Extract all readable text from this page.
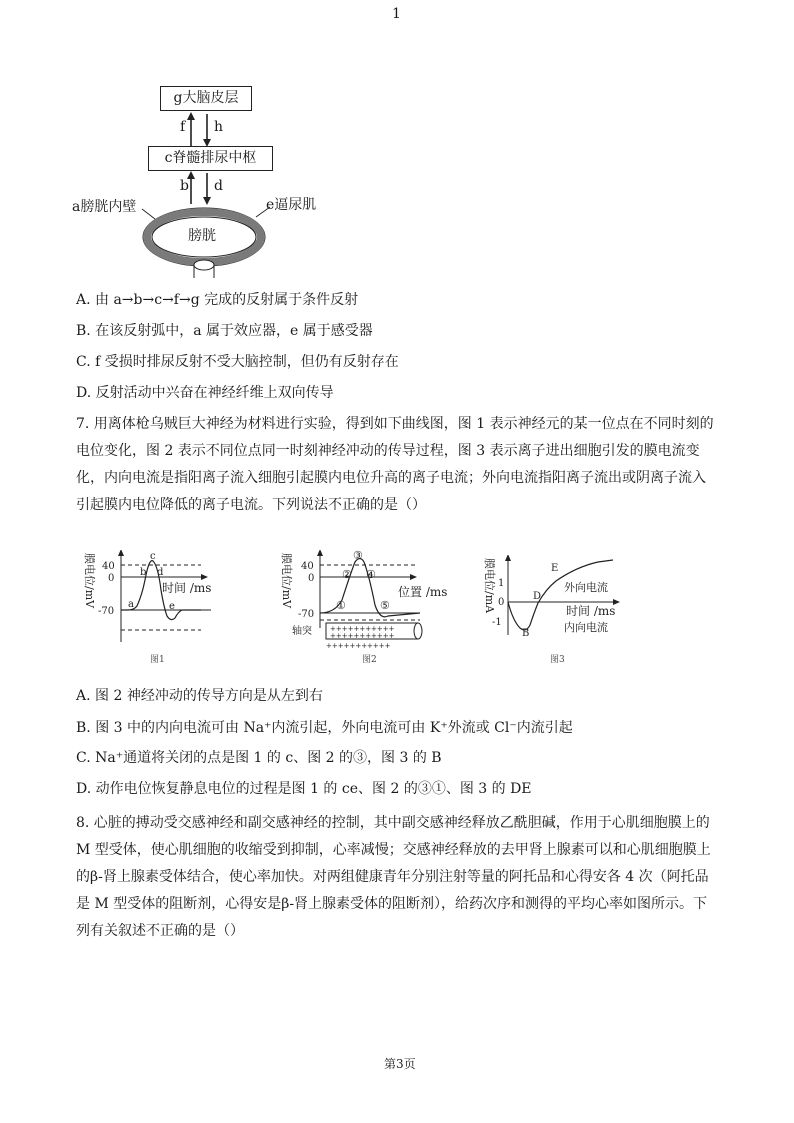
1
g大脑皮层
c脊髓排尿中枢
f h
b d
a膀胱内壁	e逼尿肌
膀胱
A. 由 a→b→c→f→g 完成的反射属于条件反射
B. 在该反射弧中，a 属于效应器，e 属于感受器
C. f 受损时排尿反射不受大脑控制，但仍有反射存在
D. 反射活动中兴奋在神经纤维上双向传导
7. 用离体枪乌贼巨大神经为材料进行实验，得到如下曲线图，图 1 表示神经元的某一位点在不同时刻的电位变化，图 2 表示不同位点同一时刻神经冲动的传导过程，图 3 表示离子进出细胞引发的膜电流变化，内向电流是指阳离子流入细胞引起膜内电位升高的离子电流；外向电流指阳离子流出或阴离子流入引起膜内电位降低的离子电流。下列说法不正确的是（）
膜电位/mV 40
0
-70
c
b d
a	e
时间 /ms
图1
膜电位/mV 40
0
-70
③
② ④
①	⑤
位置 /ms
+++++++++++
+++++++++++
+++++++++++
轴突
图2
膜电位/mA 1
0
-1
E
D
B
外向电流
时间 /ms
内向电流
图3
A. 图 2 神经冲动的传导方向是从左到右
B. 图 3 中的内向电流可由 Na⁺内流引起，外向电流可由 K⁺外流或 Cl⁻内流引起
C. Na⁺通道将关闭的点是图 1 的 c、图 2 的③，图 3 的 B
D. 动作电位恢复静息电位的过程是图 1 的 ce、图 2 的③①、图 3 的 DE
8. 心脏的搏动受交感神经和副交感神经的控制，其中副交感神经释放乙酰胆碱，作用于心肌细胞膜上的 M 型受体，使心肌细胞的收缩受到抑制，心率减慢；交感神经释放的去甲肾上腺素可以和心肌细胞膜上的β-肾上腺素受体结合，使心率加快。对两组健康青年分别注射等量的阿托品和心得安各 4 次（阿托品是 M 型受体的阻断剂，心得安是β-肾上腺素受体的阻断剂），给药次序和测得的平均心率如图所示。下列有关叙述不正确的是（）
第3页
